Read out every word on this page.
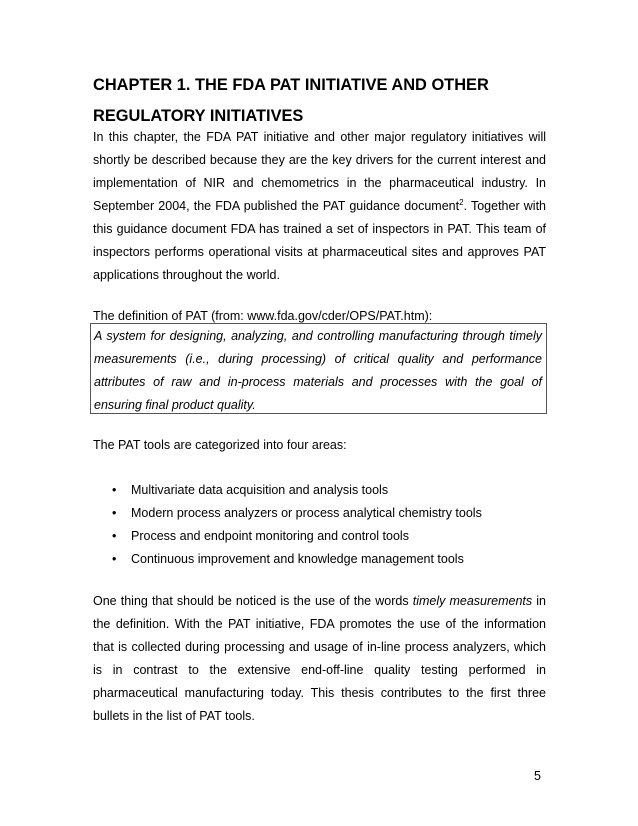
CHAPTER 1. THE FDA PAT INITIATIVE AND OTHER
REGULATORY INITIATIVES
In this chapter, the FDA PAT initiative and other major regulatory initiatives will shortly be described because they are the key drivers for the current interest and implementation of NIR and chemometrics in the pharmaceutical industry. In September 2004, the FDA published the PAT guidance document$^2$. Together with this guidance document FDA has trained a set of inspectors in PAT. This team of inspectors performs operational visits at pharmaceutical sites and approves PAT applications throughout the world.
The definition of PAT (from: www.fda.gov/cder/OPS/PAT.htm):
A system for designing, analyzing, and controlling manufacturing through timely measurements (i.e., during processing) of critical quality and performance attributes of raw and in-process materials and processes with the goal of ensuring final product quality.
The PAT tools are categorized into four areas:
• Multivariate data acquisition and analysis tools
• Modern process analyzers or process analytical chemistry tools
• Process and endpoint monitoring and control tools
• Continuous improvement and knowledge management tools
One thing that should be noticed is the use of the words timely measurements in the definition. With the PAT initiative, FDA promotes the use of the information that is collected during processing and usage of in-line process analyzers, which is in contrast to the extensive end-off-line quality testing performed in pharmaceutical manufacturing today. This thesis contributes to the first three bullets in the list of PAT tools.
5
